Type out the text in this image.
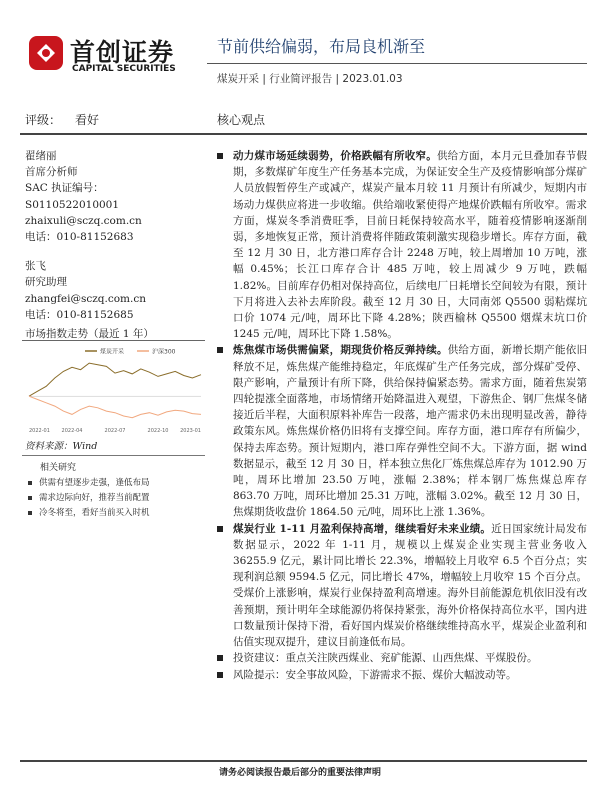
首创证券
CAPITAL SECURITIES
节前供给偏弱，布局良机渐至
煤炭开采 | 行业简评报告 | 2023.01.03
评级： 看好	核心观点
翟绪丽
首席分析师
SAC 执证编号：
S0110522010001
zhaixuli@sczq.com.cn
电话：010-81152683
张飞
研究助理
zhangfei@sczq.com.cn
电话：010-81152685
市场指数走势（最近 1 年）
煤炭开采	沪深300
2022-01 2022-04	2022-07	2022-10 2023-01
资料来源：Wind
相关研究
供需有望逐步走强，逢低布局
需求边际向好，推荐当前配置
冷冬将至，看好当前买入时机

动力煤市场延续弱势，价格跌幅有所收窄。供给方面，本月元旦叠加春节假期，多数煤矿年度生产任务基本完成，为保证安全生产及疫情影响部分煤矿人员放假暂停生产或减产，煤炭产量本月较 11 月预计有所减少，短期内市场动力煤供应将进一步收缩。供给端收紧使得产地煤价跌幅有所收窄。需求方面，煤炭冬季消费旺季，目前日耗保持较高水平，随着疫情影响逐渐削弱，多地恢复正常，预计消费将伴随政策刺激实现稳步增长。库存方面，截至 12 月 30 日，北方港口库存合计 2248 万吨，较上周增加 10 万吨，涨幅 0.45%；长江口库存合计 485 万吨，较上周减少 9 万吨，跌幅 1.82%。目前库存仍相对保持高位，后续电厂日耗增长空间较为有限，预计下月将进入去补去库阶段。截至 12 月 30 日，大同南郊 Q5500 弱粘煤坑口价 1074 元/吨，周环比下降 4.28%；陕西榆林 Q5500 烟煤末坑口价 1245 元/吨，周环比下降 1.58%。

炼焦煤市场供需偏紧，期现货价格反弹持续。供给方面，新增长期产能依旧释放不足，炼焦煤产能维持稳定，年底煤矿生产任务完成，部分煤矿受停、限产影响，产量预计有所下降，供给保持偏紧态势。需求方面，随着焦炭第四轮提涨全面落地，市场情绪开始降温进入观望，下游焦企、钢厂焦煤冬储接近后半程，大面积原料补库告一段落，地产需求仍未出现明显改善，静待政策东风。炼焦煤价格仍旧将有支撑空间。库存方面，港口库存有所偏少，保持去库态势。预计短期内，港口库存弹性空间不大。下游方面，据 wind 数据显示，截至 12 月 30 日，样本独立焦化厂炼焦煤总库存为 1012.90 万吨，周环比增加 23.50 万吨，涨幅 2.38%；样本钢厂炼焦煤总库存 863.70 万吨，周环比增加 25.31 万吨，涨幅 3.02%。截至 12 月 30 日，焦煤期货收盘价 1864.50 元/吨，周环比上涨 1.36%。

煤炭行业 1-11 月盈利保持高增，继续看好未来业绩。近日国家统计局发布数据显示，2022 年 1-11 月，规模以上煤炭企业实现主营业务收入 36255.9 亿元，累计同比增长 22.3%，增幅较上月收窄 6.5 个百分点；实现利润总额 9594.5 亿元，同比增长 47%，增幅较上月收窄 15 个百分点。受煤价上涨影响，煤炭行业保持盈利高增速。海外目前能源危机依旧没有改善预期，预计明年全球能源仍将保持紧张，海外价格保持高位水平，国内进口数量预计保持下滑，看好国内煤炭价格继续维持高水平，煤炭企业盈利和估值实现双提升，建议目前逢低布局。

投资建议：重点关注陕西煤业、兖矿能源、山西焦煤、平煤股份。

风险提示：安全事故风险，下游需求不振、煤价大幅波动等。

请务必阅读报告最后部分的重要法律声明
